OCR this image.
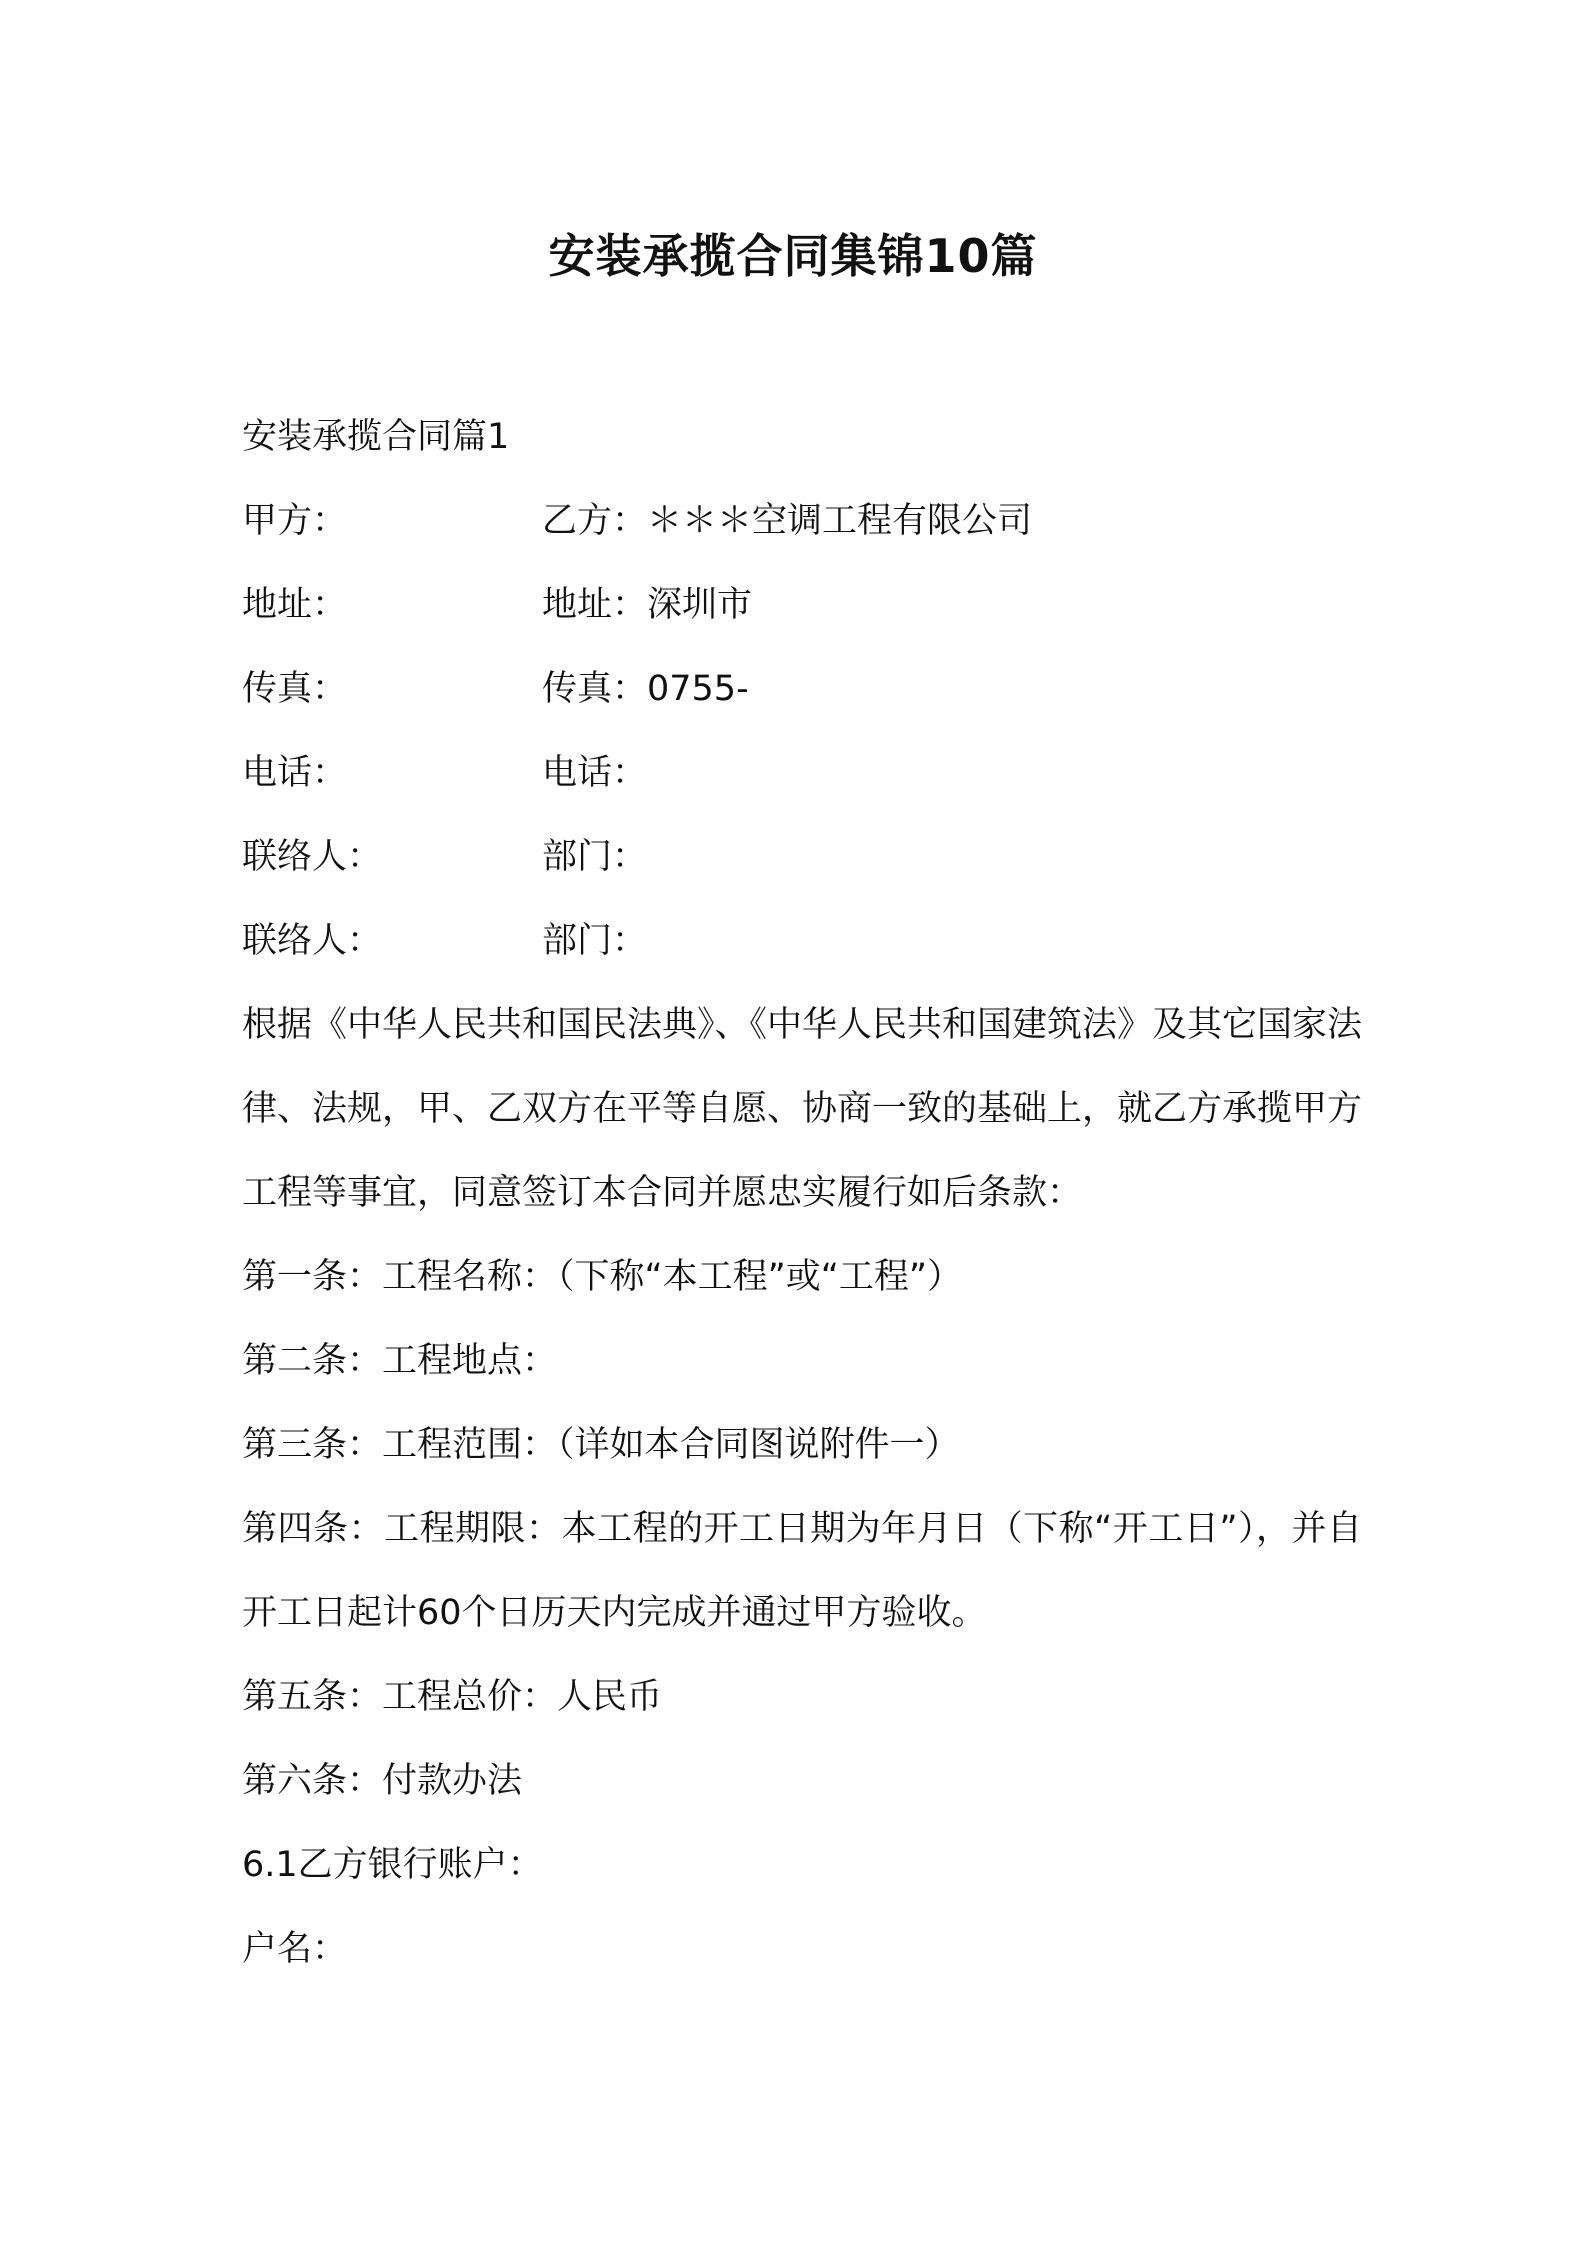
安装承揽合同集锦10篇
安装承揽合同篇1
甲方：	乙方：＊＊＊空调工程有限公司
地址：	地址：深圳市
传真：	传真：0755-
电话：	电话：
联络人：	部门：
联络人：	部门：
根据《中华人民共和国民法典》、《中华人民共和国建筑法》及其它国家法律、法规，甲、乙双方在平等自愿、协商一致的基础上，就乙方承揽甲方工程等事宜，同意签订本合同并愿忠实履行如后条款：
第一条：工程名称：（下称“本工程”或“工程”）
第二条：工程地点：
第三条：工程范围：（详如本合同图说附件一）
第四条：工程期限：本工程的开工日期为年月日（下称“开工日”），并自开工日起计60个日历天内完成并通过甲方验收。
第五条：工程总价：人民币
第六条：付款办法
6.1乙方银行账户：
户名：
